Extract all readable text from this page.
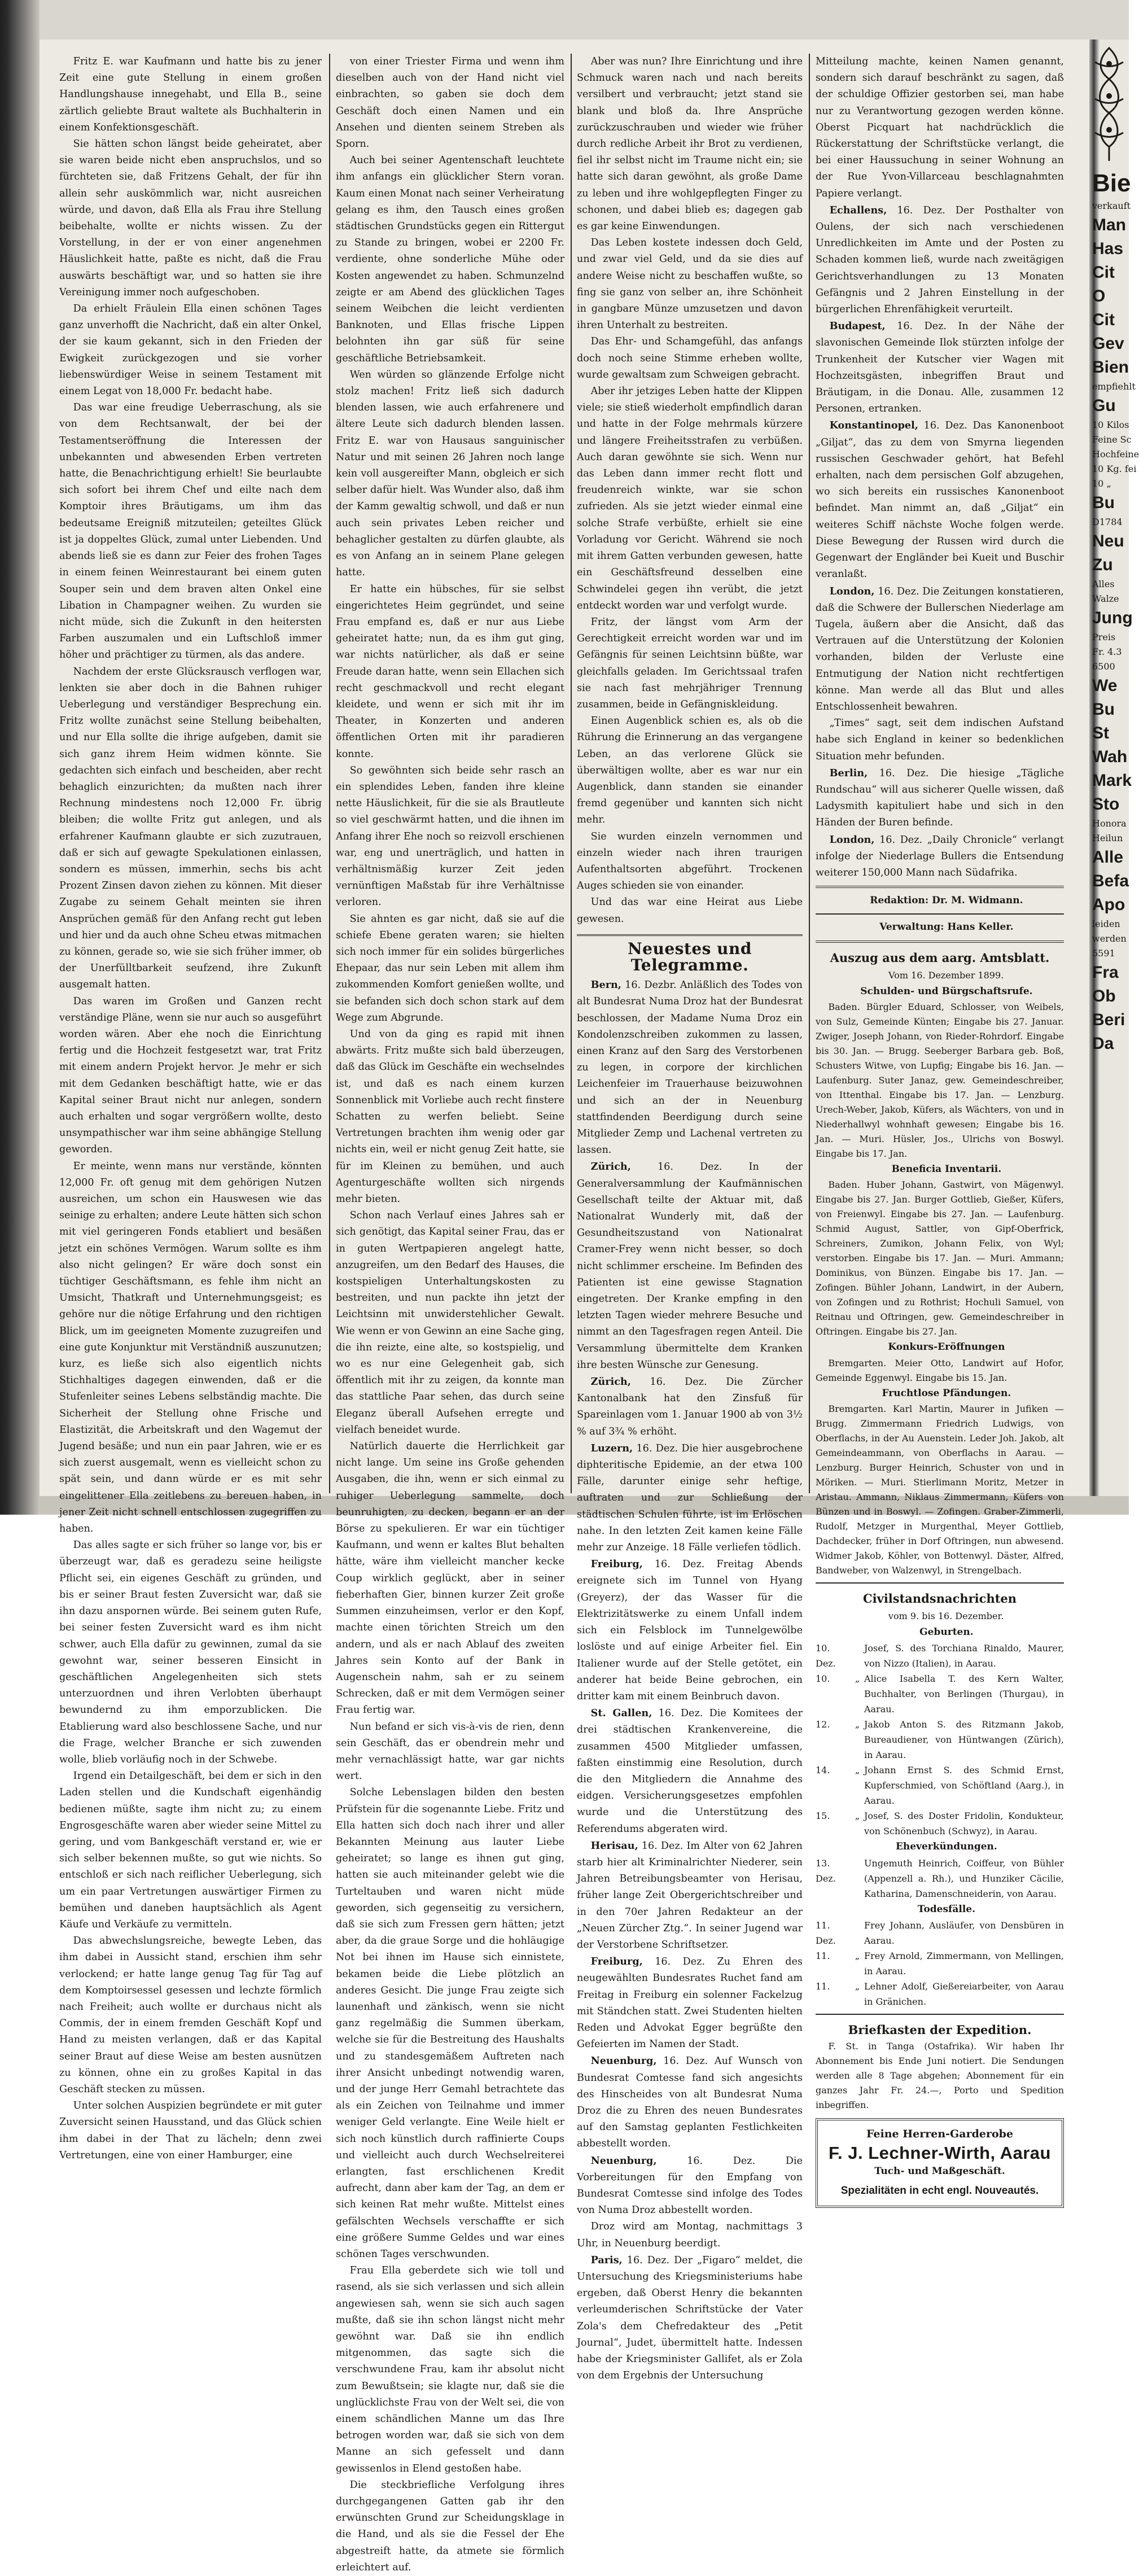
Fritz E. war Kaufmann und hatte bis zu jener Zeit eine gute Stellung in einem großen Handlungshause innegehabt, und Ella B., seine zärtlich geliebte Braut waltete als Buchhalterin in einem Konfektionsgeschäft.

Sie hätten schon längst beide geheiratet, aber sie waren beide nicht eben anspruchslos, und so fürchteten sie, daß Fritzens Gehalt, der für ihn allein sehr auskömmlich war, nicht ausreichen würde, und davon, daß Ella als Frau ihre Stellung beibehalte, wollte er nichts wissen. Zu der Vorstellung, in der er von einer angenehmen Häuslichkeit hatte, paßte es nicht, daß die Frau auswärts beschäftigt war, und so hatten sie ihre Vereinigung immer noch aufgeschoben.

Da erhielt Fräulein Ella einen schönen Tages ganz unverhofft die Nachricht, daß ein alter Onkel, der sie kaum gekannt, sich in den Frieden der Ewigkeit zurückgezogen und sie vorher liebenswürdiger Weise in seinem Testament mit einem Legat von 18,000 Fr. bedacht habe.

Das war eine freudige Ueberraschung, als sie von dem Rechtsanwalt, der bei der Testamentseröffnung die Interessen der unbekannten und abwesenden Erben vertreten hatte, die Benachrichtigung erhielt! Sie beurlaubte sich sofort bei ihrem Chef und eilte nach dem Komptoir ihres Bräutigams, um ihm das bedeutsame Ereigniß mitzuteilen; geteiltes Glück ist ja doppeltes Glück, zumal unter Liebenden. Und abends ließ sie es dann zur Feier des frohen Tages in einem feinen Weinrestaurant bei einem guten Souper sein und dem braven alten Onkel eine Libation in Champagner weihen. Zu wurden sie nicht müde, sich die Zukunft in den heitersten Farben auszumalen und ein Luftschloß immer höher und prächtiger zu türmen, als das andere.

Nachdem der erste Glücksrausch verflogen war, lenkten sie aber doch in die Bahnen ruhiger Ueberlegung und verständiger Besprechung ein. Fritz wollte zunächst seine Stellung beibehalten, und nur Ella sollte die ihrige aufgeben, damit sie sich ganz ihrem Heim widmen könnte. Sie gedachten sich einfach und bescheiden, aber recht behaglich einzurichten; da mußten nach ihrer Rechnung mindestens noch 12,000 Fr. übrig bleiben; die wollte Fritz gut anlegen, und als erfahrener Kaufmann glaubte er sich zuzutrauen, daß er sich auf gewagte Spekulationen einlassen, sondern es müssen, immerhin, sechs bis acht Prozent Zinsen davon ziehen zu können. Mit dieser Zugabe zu seinem Gehalt meinten sie ihren Ansprüchen gemäß für den Anfang recht gut leben und hier und da auch ohne Scheu etwas mitmachen zu können, gerade so, wie sie sich früher immer, ob der Unerfülltbarkeit seufzend, ihre Zukunft ausgemalt hatten.

Das waren im Großen und Ganzen recht verständige Pläne, wenn sie nur auch so ausgeführt worden wären. Aber ehe noch die Einrichtung fertig und die Hochzeit festgesetzt war, trat Fritz mit einem andern Projekt hervor. Je mehr er sich mit dem Gedanken beschäftigt hatte, wie er das Kapital seiner Braut nicht nur anlegen, sondern auch erhalten und sogar vergrößern wollte, desto unsympathischer war ihm seine abhängige Stellung geworden.

Er meinte, wenn mans nur verstände, könnten 12,000 Fr. oft genug mit dem gehörigen Nutzen ausreichen, um schon ein Hauswesen wie das seinige zu erhalten; andere Leute hätten sich schon mit viel geringeren Fonds etabliert und besäßen jetzt ein schönes Vermögen. Warum sollte es ihm also nicht gelingen? Er wäre doch sonst ein tüchtiger Geschäftsmann, es fehle ihm nicht an Umsicht, Thatkraft und Unternehmungsgeist; es gehöre nur die nötige Erfahrung und den richtigen Blick, um im geeigneten Momente zuzugreifen und eine gute Konjunktur mit Verständniß auszunutzen; kurz, es ließe sich also eigentlich nichts Stichhaltiges dagegen einwenden, daß er die Stufenleiter seines Lebens selbständig machte. Die Sicherheit der Stellung ohne Frische und Elastizität, die Arbeitskraft und den Wagemut der Jugend besäße; und nun ein paar Jahren, wie er es sich zuerst ausgemalt, wenn es vielleicht schon zu spät sein, und dann würde er es mit sehr eingelittener Ella zeitlebens zu bereuen haben, in jener Zeit nicht schnell entschlossen zugegriffen zu haben.

Das alles sagte er sich früher so lange vor, bis er überzeugt war, daß es geradezu seine heiligste Pflicht sei, ein eigenes Geschäft zu gründen, und bis er seiner Braut festen Zuversicht war, daß sie ihn dazu anspornen würde. Bei seinem guten Rufe, bei seiner festen Zuversicht ward es ihm nicht schwer, auch Ella dafür zu gewinnen, zumal da sie gewohnt war, seiner besseren Einsicht in geschäftlichen Angelegenheiten sich stets unterzuordnen und ihren Verlobten überhaupt bewundernd zu ihm emporzublicken. Die Etablierung ward also beschlossene Sache, und nur die Frage, welcher Branche er sich zuwenden wolle, blieb vorläufig noch in der Schwebe.

Irgend ein Detailgeschäft, bei dem er sich in den Laden stellen und die Kundschaft eigenhändig bedienen müßte, sagte ihm nicht zu; zu einem Engrosgeschäfte waren aber wieder seine Mittel zu gering, und vom Bankgeschäft verstand er, wie er sich selber bekennen mußte, so gut wie nichts. So entschloß er sich nach reiflicher Ueberlegung, sich um ein paar Vertretungen auswärtiger Firmen zu bemühen und daneben hauptsächlich als Agent Käufe und Verkäufe zu vermitteln.

Das abwechslungsreiche, bewegte Leben, das ihm dabei in Aussicht stand, erschien ihm sehr verlockend; er hatte lange genug Tag für Tag auf dem Komptoirsessel gesessen und lechzte förmlich nach Freiheit; auch wollte er durchaus nicht als Commis, der in einem fremden Geschäft Kopf und Hand zu meisten verlangen, daß er das Kapital seiner Braut auf diese Weise am besten ausnützen zu können, ohne ein zu großes Kapital in das Geschäft stecken zu müssen.

Unter solchen Auspizien begründete er mit guter Zuversicht seinen Hausstand, und das Glück schien ihm dabei in der That zu lächeln; denn zwei Vertretungen, eine von einer Hamburger, eine

von einer Triester Firma und wenn ihm dieselben auch von der Hand nicht viel einbrachten, so gaben sie doch dem Geschäft doch einen Namen und ein Ansehen und dienten seinem Streben als Sporn.

Auch bei seiner Agentenschaft leuchtete ihm anfangs ein glücklicher Stern voran. Kaum einen Monat nach seiner Verheiratung gelang es ihm, den Tausch eines großen städtischen Grundstücks gegen ein Rittergut zu Stande zu bringen, wobei er 2200 Fr. verdiente, ohne sonderliche Mühe oder Kosten angewendet zu haben. Schmunzelnd zeigte er am Abend des glücklichen Tages seinem Weibchen die leicht verdienten Banknoten, und Ellas frische Lippen belohnten ihn gar süß für seine geschäftliche Betriebsamkeit.

Wen würden so glänzende Erfolge nicht stolz machen! Fritz ließ sich dadurch blenden lassen, wie auch erfahrenere und ältere Leute sich dadurch blenden lassen. Fritz E. war von Hausaus sanguinischer Natur und mit seinen 26 Jahren noch lange kein voll ausgereifter Mann, obgleich er sich selber dafür hielt. Was Wunder also, daß ihm der Kamm gewaltig schwoll, und daß er nun auch sein privates Leben reicher und behaglicher gestalten zu dürfen glaubte, als es von Anfang an in seinem Plane gelegen hatte.

Er hatte ein hübsches, für sie selbst eingerichtetes Heim gegründet, und seine Frau empfand es, daß er nur aus Liebe geheiratet hatte; nun, da es ihm gut ging, war nichts natürlicher, als daß er seine Freude daran hatte, wenn sein Ellachen sich recht geschmackvoll und recht elegant kleidete, und wenn er sich mit ihr im Theater, in Konzerten und anderen öffentlichen Orten mit ihr paradieren konnte.

So gewöhnten sich beide sehr rasch an ein splendides Leben, fanden ihre kleine nette Häuslichkeit, für die sie als Brautleute so viel geschwärmt hatten, und die ihnen im Anfang ihrer Ehe noch so reizvoll erschienen war, eng und unerträglich, und hatten in verhältnismäßig kurzer Zeit jeden vernünftigen Maßstab für ihre Verhältnisse verloren.

Sie ahnten es gar nicht, daß sie auf die schiefe Ebene geraten waren; sie hielten sich noch immer für ein solides bürgerliches Ehepaar, das nur sein Leben mit allem ihm zukommenden Komfort genießen wollte, und sie befanden sich doch schon stark auf dem Wege zum Abgrunde.

Und von da ging es rapid mit ihnen abwärts. Fritz mußte sich bald überzeugen, daß das Glück im Geschäfte ein wechselndes ist, und daß es nach einem kurzen Sonnenblick mit Vorliebe auch recht finstere Schatten zu werfen beliebt. Seine Vertretungen brachten ihm wenig oder gar nichts ein, weil er nicht genug Zeit hatte, sie für im Kleinen zu bemühen, und auch Agenturgeschäfte wollten sich nirgends mehr bieten.

Schon nach Verlauf eines Jahres sah er sich genötigt, das Kapital seiner Frau, das er in guten Wertpapieren angelegt hatte, anzugreifen, um den Bedarf des Hauses, die kostspieligen Unterhaltungskosten zu bestreiten, und nun packte ihn jetzt der Leichtsinn mit unwiderstehlicher Gewalt. Wie wenn er von Gewinn an eine Sache ging, die ihn reizte, eine alte, so kostspielig, und wo es nur eine Gelegenheit gab, sich öffentlich mit ihr zu zeigen, da konnte man das stattliche Paar sehen, das durch seine Eleganz überall Aufsehen erregte und vielfach beneidet wurde.

Natürlich dauerte die Herrlichkeit gar nicht lange. Um seine ins Große gehenden Ausgaben, die ihn, wenn er sich einmal zu ruhiger Ueberlegung sammelte, doch beunruhigten, zu decken, begann er an der Börse zu spekulieren. Er war ein tüchtiger Kaufmann, und wenn er kaltes Blut behalten hätte, wäre ihm vielleicht mancher keckе Coup wirklich geglückt, aber in seiner fieberhaften Gier, binnen kurzer Zeit große Summen einzuheimsen, verlor er den Kopf, machte einen törichten Streich um den andern, und als er nach Ablauf des zweiten Jahres sein Konto auf der Bank in Augenschein nahm, sah er zu seinem Schrecken, daß er mit dem Vermögen seiner Frau fertig war.

Nun befand er sich vis-à-vis de rien, denn sein Geschäft, das er obendrein mehr und mehr vernachlässigt hatte, war gar nichts wert.

Solche Lebenslagen bilden den besten Prüfstein für die sogenannte Liebe. Fritz und Ella hatten sich doch nach ihrer und aller Bekannten Meinung aus lauter Liebe geheiratet; so lange es ihnen gut ging, hatten sie auch miteinander gelebt wie die Turteltauben und waren nicht müde geworden, sich gegenseitig zu versichern, daß sie sich zum Fressen gern hätten; jetzt aber, da die graue Sorge und die hohläugige Not bei ihnen im Hause sich einnistete, bekamen beide die Liebe plötzlich an anderes Gesicht. Die junge Frau zeigte sich launenhaft und zänkisch, wenn sie nicht ganz regelmäßig die Summen überkam, welche sie für die Bestreitung des Haushalts und zu standesgemäßem Auftreten nach ihrer Ansicht unbedingt notwendig waren, und der junge Herr Gemahl betrachtete das als ein Zeichen von Teilnahme und immer weniger Geld verlangte. Eine Weile hielt er sich noch künstlich durch raffinierte Coups und vielleicht auch durch Wechselreiterei erlangten, fast erschlichenen Kredit aufrecht, dann aber kam der Tag, an dem er sich keinen Rat mehr wußte. Mittelst eines gefälschten Wechsels verschaffte er sich eine größere Summe Geldes und war eines schönen Tages verschwunden.

Frau Ella geberdete sich wie toll und rasend, als sie sich verlassen und sich allein angewiesen sah, wenn sie sich auch sagen mußte, daß sie ihn schon längst nicht mehr gewöhnt war. Daß sie ihn endlich mitgenommen, das sagte sich die verschwundene Frau, kam ihr absolut nicht zum Bewußtsein; sie klagte nur, daß sie die unglücklichste Frau von der Welt sei, die von einem schändlichen Manne um das Ihre betrogen worden war, daß sie sich von dem Manne an sich gefesselt und dann gewissenlos in Elend gestoßen habe.

Die steckbriefliche Verfolgung ihres durchgegangenen Gatten gab ihr den erwünschten Grund zur Scheidungsklage in die Hand, und als sie die Fessel der Ehe abgestreift hatte, da atmete sie förmlich erleichtert auf.

Aber was nun? Ihre Einrichtung und ihre Schmuck waren nach und nach bereits versilbert und verbraucht; jetzt stand sie blank und bloß da. Ihre Ansprüche zurückzuschrauben und wieder wie früher durch redliche Arbeit ihr Brot zu verdienen, fiel ihr selbst nicht im Traume nicht ein; sie hatte sich daran gewöhnt, als große Dame zu leben und ihre wohlgepflegten Finger zu schonen, und dabei blieb es; dagegen gab es gar keine Einwendungen.

Das Leben kostete indessen doch Geld, und zwar viel Geld, und da sie dies auf andere Weise nicht zu beschaffen wußte, so fing sie ganz von selber an, ihre Schönheit in gangbare Münze umzusetzen und davon ihren Unterhalt zu bestreiten.

Das Ehr- und Schamgefühl, das anfangs doch noch seine Stimme erheben wollte, wurde gewaltsam zum Schweigen gebracht.

Aber ihr jetziges Leben hatte der Klippen viele; sie stieß wiederholt empfindlich daran und hatte in der Folge mehrmals kürzere und längere Freiheitsstrafen zu verbüßen. Auch daran gewöhnte sie sich. Wenn nur das Leben dann immer recht flott und freudenreich winkte, war sie schon zufrieden. Als sie jetzt wieder einmal eine solche Strafe verbüßte, erhielt sie eine Vorladung vor Gericht. Während sie noch mit ihrem Gatten verbunden gewesen, hatte ein Geschäftsfreund desselben eine Schwindelei gegen ihn verübt, die jetzt entdeckt worden war und verfolgt wurde.

Fritz, der längst vom Arm der Gerechtigkeit erreicht worden war und im Gefängnis für seinen Leichtsinn büßte, war gleichfalls geladen. Im Gerichtssaal trafen sie nach fast mehrjähriger Trennung zusammen, beide in Gefängniskleidung.

Einen Augenblick schien es, als ob die Rührung die Erinnerung an das vergangene Leben, an das verlorene Glück sie überwältigen wollte, aber es war nur ein Augenblick, dann standen sie einander fremd gegenüber und kannten sich nicht mehr.

Sie wurden einzeln vernommen und einzeln wieder nach ihren traurigen Aufenthaltsorten abgeführt. Trockenen Auges schieden sie von einander.

Und das war eine Heirat aus Liebe gewesen.

Neuestes und Telegramme.

Bern, 16. Dezbr. Anläßlich des Todes von alt Bundesrat Numa Droz hat der Bundesrat beschlossen, der Madame Numa Droz ein Kondolenzschreiben zukommen zu lassen, einen Kranz auf den Sarg des Verstorbenen zu legen, in corpore der kirchlichen Leichenfeier im Trauerhause beizuwohnen und sich an der in Neuenburg stattfindenden Beerdigung durch seine Mitglieder Zemp und Lachenal vertreten zu lassen.

Zürich,	16. Dez. In der Generalversammlung der Kaufmännischen Gesellschaft teilte der Aktuar mit, daß Nationalrat Wunderly mit, daß der Gesundheitszustand von Nationalrat Cramer-Frey wenn nicht besser, so doch nicht schlimmer erscheine. Im Befinden des Patienten ist eine gewisse Stagnation eingetreten. Der Kranke empfing in den letzten Tagen wieder mehrere Besuche und nimmt an den Tagesfragen regen Anteil. Die Versammlung übermittelte dem Kranken ihre besten Wünsche zur Genesung.

Zürich, 16. Dez. Die Zürcher Kantonalbank hat den Zinsfuß für Spareinlagen vom 1. Januar 1900 ab von 3½ % auf 3¾ % erhöht.

Luzern, 16. Dez. Die hier ausgebrochene diphteritische Epidemie, an der etwa 100 Fälle, darunter einige sehr heftige, auftraten und zur Schließung der städtischen Schulen führte, ist im Erlöschen nahe. In den letzten Zeit kamen keine Fälle mehr zur Anzeige. 18 Fälle verliefen tödlich.

Freiburg, 16. Dez. Freitag Abends ereignete sich im Tunnel von Hyang (Greyerz), der das Wasser für die Elektrizitätswerke zu einem Unfall indem sich ein Felsblock im Tunnelgewölbe loslöste und auf einige Arbeiter fiel. Ein Italiener wurde auf der Stelle getötet, ein anderer hat beide Beine gebrochen, ein dritter kam mit einem Beinbruch davon.

St. Gallen, 16. Dez. Die Komitees der drei städtischen Krankenvereine, die zusammen 4500 Mitglieder umfassen, faßten einstimmig eine Resolution, durch die den Mitgliedern die Annahme des eidgen. Versicherungsgesetzes empfohlen wurde und die Unterstützung des Referendums abgeraten wird.

Herisau, 16. Dez. Im Alter von 62 Jahren starb hier alt Kriminalrichter Niederer, sein Jahren Betreibungsbeamter von Herisau, früher lange Zeit Obergerichtschreiber und in den 70er Jahren Redakteur an der „Neuen Zürcher Ztg.“. In seiner Jugend war der Verstorbene Schriftsetzer.

Freiburg, 16. Dez. Zu Ehren des neugewählten Bundesrates Ruchet fand am Freitag in Freiburg ein solenner Fackelzug mit Ständchen statt. Zwei Studenten hielten Reden und Advokat Egger begrüßte den Gefeierten im Namen der Stadt.

Neuenburg, 16. Dez. Auf Wunsch von Bundesrat Comtesse fand sich angesichts des Hinscheides von alt Bundesrat Numa Droz die zu Ehren des neuen Bundesrates auf den Samstag geplanten Festlichkeiten abbestellt worden.

Neuenburg,	16. Dez. Die Vorbereitungen für den Empfang von Bundesrat Comtesse sind infolge des Todes von Numa Droz abbestellt worden.

Droz wird am Montag, nachmittags 3 Uhr, in Neuenburg beerdigt.

Paris, 16. Dez. Der „Figaro“ meldet, die Untersuchung des Kriegsministeriums habe ergeben, daß Oberst Henry die bekannten verleumderischen Schriftstücke der Vater Zola's dem Chefredakteur des „Petit Journal“, Judet, übermittelt hatte. Indessen habe der Kriegsminister Gallifet, als er Zola von dem Ergebnis der Untersuchung

Mitteilung machte, keinen Namen genannt, sondern sich darauf beschränkt zu sagen, daß der schuldige Offizier gestorben sei, man habe nur zu Verantwortung gezogen werden könne. Oberst Picquart hat nachdrücklich die Rückerstattung der Schriftstücke verlangt, die bei einer Haussuchung in seiner Wohnung an der Rue Yvon-Villarceau beschlagnahmten Papiere verlangt.

Echallens, 16. Dez. Der Posthalter von Oulens, der sich nach verschiedenen Unredlichkeiten im Amte und der Posten zu Schaden kommen ließ, wurde nach zweitägigen Gerichtsverhandlungen zu 13 Monaten Gefängnis und 2 Jahren Einstellung in der bürgerlichen Ehrenfähigkeit verurteilt.

Budapest, 16. Dez. In der Nähe der slavonischen Gemeinde Ilok stürzten infolge der Trunkenheit der Kutscher vier Wagen mit Hochzeitsgästen, inbegriffen Braut und Bräutigam, in die Donau. Alle, zusammen 12 Personen, ertranken.

Konstantinopel, 16. Dez. Das Kanonenboot „Giljat“, das zu dem von Smyrna liegenden russischen Geschwader gehört, hat Befehl erhalten, nach dem persischen Golf abzugehen, wo sich bereits ein russisches Kanonenboot befindet. Man nimmt an, daß „Giljat“ ein weiteres Schiff nächste Woche folgen werde. Diese Bewegung der Russen wird durch die Gegenwart der Engländer bei Kueit und Buschir veranlaßt.

London, 16. Dez. Die Zeitungen konstatieren, daß die Schwere der Bullerschen Niederlage am Tugela, äußern aber die Ansicht, daß das Vertrauen auf die Unterstützung der Kolonien vorhanden, bilden der Verluste eine Entmutigung der Nation nicht rechtfertigen könne. Man werde all das Blut und alles Entschlossenheit bewahren.

„Times“ sagt, seit dem indischen Aufstand habe sich England in keiner so bedenklichen Situation mehr befunden.

Berlin, 16. Dez. Die hiesige „Tägliche Rundschau“ will aus sicherer Quelle wissen, daß Ladysmith kapituliert habe und sich in den Händen der Buren befinde.

London, 16. Dez. „Daily Chronicle“ verlangt infolge der Niederlage Bullers die Entsendung weiterer 150,000 Mann nach Südafrika.

Redaktion: Dr. M. Widmann.

Verwaltung: Hans Keller.

Auszug aus dem aarg. Amtsblatt.

Vom 16. Dezember 1899.

Schulden- und Bürgschaftsrufe.

Baden. Bürgler Eduard, Schlosser, von Weibels, von Sulz, Gemeinde Künten; Eingabe bis 27. Januar. Zwiger, Joseph Johann, von Rieder-Rohrdorf. Eingabe bis 30. Jan. — Brugg. Seeberger Barbara geb. Boß, Schusters Witwe, von Lupfig; Eingabe bis 16. Jan. — Laufenburg. Suter Janaz, gew. Gemeindeschreiber, von Ittenthal. Eingabe bis 17. Jan. — Lenzburg. Urech-Weber, Jakob, Küfers, als Wächters, von und in Niederhallwyl wohnhaft gewesen; Eingabe bis 16. Jan. — Muri. Hüsler, Jos., Ulrichs von Boswyl. Eingabe bis 17. Jan.

Beneficia Inventarii.

Baden. Huber Johann, Gastwirt, von Mägenwyl. Eingabe bis 27. Jan. Burger Gottlieb, Gießer, Küfers, von Freienwyl. Eingabe bis 27. Jan. — Laufenburg. Schmid August, Sattler, von Gipf-Oberfrick, Schreiners, Zumikon, Johann Felix, von Wyl; verstorben. Eingabe bis 17. Jan. — Muri. Ammann; Dominikus, von Bünzen. Eingabe bis 17. Jan. — Zofingen. Bühler Johann, Landwirt, in der Aubern, von Zofingen und zu Rothrist; Hochuli Samuel, von Reitnau und Oftringen, gew. Gemeindeschreiber in Oftringen. Eingabe bis 27. Jan.

Konkurs-Eröffnungen

Bremgarten. Meier Otto, Landwirt auf Hofor, Gemeinde Eggenwyl. Eingabe bis 15. Jan.

Fruchtlose Pfändungen.

Bremgarten. Karl Martin, Maurer in Jufiken — Brugg. Zimmermann Friedrich Ludwigs, von Oberflachs, in der Au Auenstein. Leder Joh. Jakob, alt Gemeindeammann, von Oberflachs in Aarau. — Lenzburg. Burger Heinrich, Schuster von und in Möriken. — Muri. Stierlimann Moritz, Metzer in Aristau. Ammann, Niklaus Zimmermann, Küfers von Bünzen und in Boswyl. — Zofingen. Graber-Zimmerli, Rudolf, Metzger in Murgenthal, Meyer Gottlieb, Dachdecker, früher in Dorf Oftringen, nun abwesend. Widmer Jakob, Köhler, von Bottenwyl. Däster, Alfred, Bandweber, von Walzenwyl, in Strengelbach.

Civilstandsnachrichten

vom 9. bis 16. Dezember.

Geburten.

10. Dez.
Josef, S. des Torchiana Rinaldo, Maurer, von Nizzo (Italien), in Aarau.
10.	„ Alice Isabella T. des Kern Walter, Buchhalter, von Berlingen (Thurgau), in Aarau.
12.	„ Jakob Anton S. des Ritzmann Jakob, Bureaudiener, von Hüntwangen (Zürich), in Aarau.
14.	„ Johann Ernst S. des Schmid Ernst, Kupferschmied, von Schöftland (Aarg.), in Aarau.
15.	„ Josef, S. des Doster Fridolin, Kondukteur, von Schönenbuch (Schwyz), in Aarau.

Eheverkündungen.

13. Dez.
Ungemuth Heinrich, Coiffeur, von Bühler (Appenzell a. Rh.), und Hunziker Cäcilie, Katharina, Damenschneiderin, von Aarau.

Todesfälle.

11. Dez.
Frey Johann, Ausläufer, von Densbüren in Aarau.
11.	„ Frey Arnold, Zimmermann, von Mellingen, in Aarau.
11.	„ Lehner Adolf, Gießereiarbeiter, von Aarau in Gränichen.
Briefkasten der Expedition.

F. St. in Tanga (Ostafrika). Wir haben Ihr Abonnement bis Ende Juni notiert. Die Sendungen werden alle 8 Tage abgehen; Abonnement für ein ganzes Jahr Fr. 24.—, Porto und Spedition inbegriffen.

Feine Herren-Garderobe
F. J. Lechner-Wirth, Aarau
Tuch- und Maßgeschäft.
Spezialitäten in echt engl. Nouveautés.
Bie
verkauft
Man
Has
Cit
O
Cit
Gev
Bien
empfiehlt
Gu
10 Kilos
Feine Sc
Hochfeine
10 Kg. fei
10 „
Bu
D1784
Neu
Zu
Alles
Walze
Jung
Preis
Fr. 4.3
6500
We
Bu
St
Wah
Mark
Sto
Honora
Heilun
Alle
Befa
Apo
leiden
werden
5591
Fra
Ob
Beri
Da
